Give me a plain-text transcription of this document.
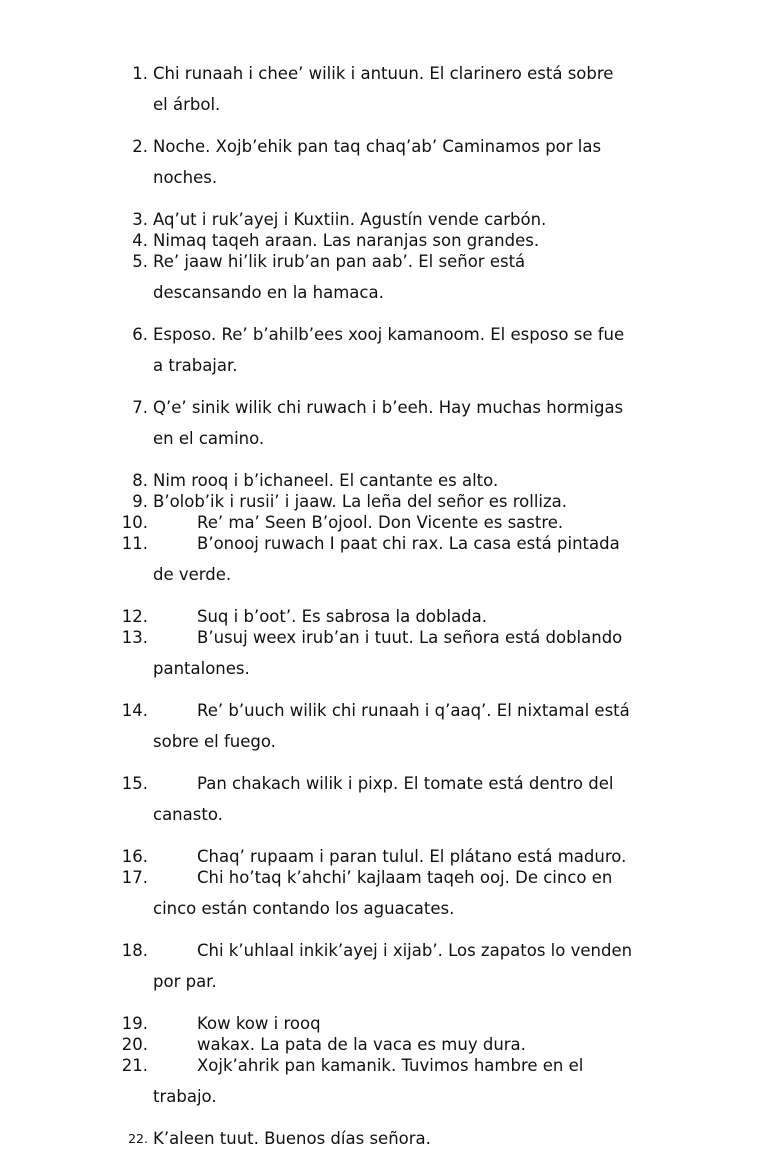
1. Chi runaah i chee’ wilik i antuun. El clarinero está sobre
el árbol.
2. Noche. Xojb’ehik pan taq chaq’ab’ Caminamos por las
noches.
3. Aq’ut i ruk’ayej i Kuxtiin. Agustín vende carbón.
4. Nimaq taqeh araan. Las naranjas son grandes.
5. Re’ jaaw hi’lik irub’an pan aab’. El señor está
descansando en la hamaca.
6. Esposo. Re’ b’ahilb’ees xooj kamanoom. El esposo se fue
a trabajar.
7. Q’e’ sinik wilik chi ruwach i b’eeh. Hay muchas hormigas
en el camino.
8. Nim rooq i b’ichaneel. El cantante es alto.
9. B’olob’ik i rusii’ i jaaw. La leña del señor es rolliza.
10.	Re’ ma’ Seen B’ojool. Don Vicente es sastre.
11.	B’onooj ruwach I paat chi rax. La casa está pintada
de verde.
12.	Suq i b’oot’. Es sabrosa la doblada.
13.	B’usuj weex irub’an i tuut. La señora está doblando
pantalones.
14.	Re’ b’uuch wilik chi runaah i q’aaq’. El nixtamal está
sobre el fuego.
15.	Pan chakach wilik i pixp. El tomate está dentro del
canasto.
16.	Chaq’ rupaam i paran tulul. El plátano está maduro.
17.	Chi ho’taq k’ahchi’ kajlaam taqeh ooj. De cinco en
cinco están contando los aguacates.
18.	Chi k’uhlaal inkik’ayej i xijab’. Los zapatos lo venden
por par.
19.	Kow kow i rooq
20.	wakax. La pata de la vaca es muy dura.
21.	Xojk’ahrik pan kamanik. Tuvimos hambre en el
trabajo.
22. K’aleen tuut. Buenos días señora.
